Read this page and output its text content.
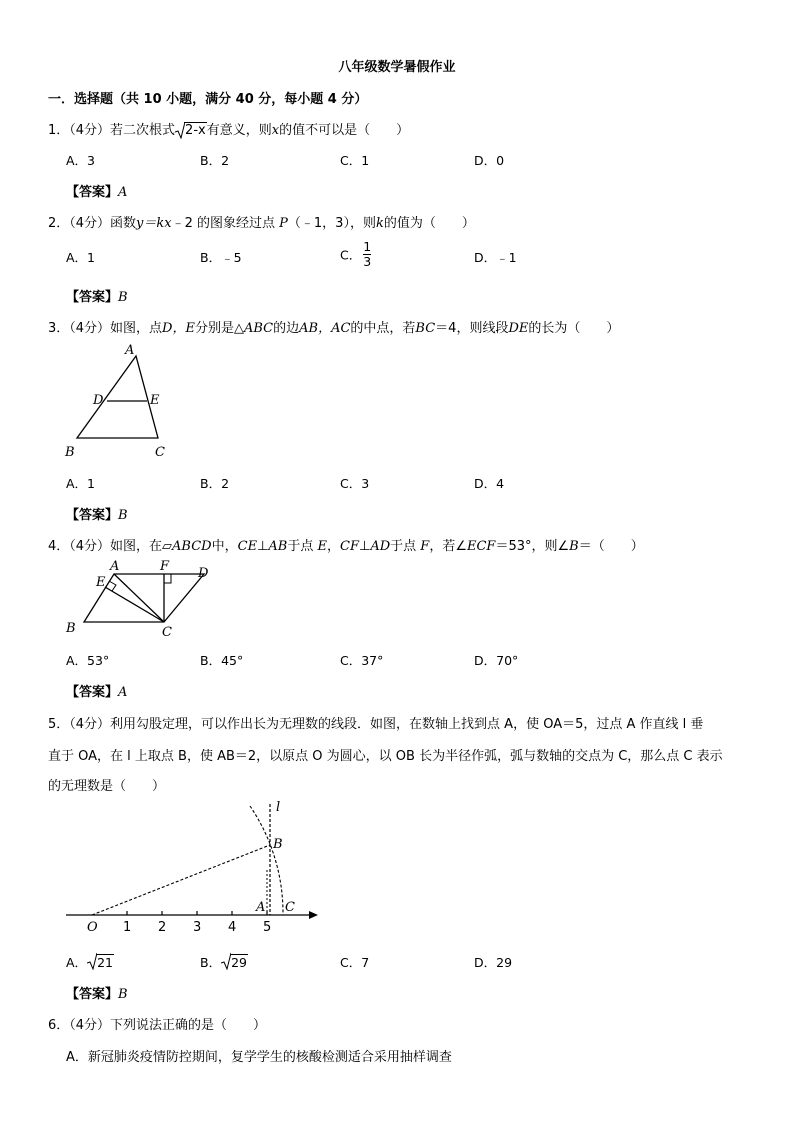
八年级数学暑假作业
一．选择题（共 10 小题，满分 40 分，每小题 4 分）
1．（4分）若二次根式 2-x有意义，则x的值不可以是（　　）
A．3	B．2	C．1	D．0
【答案】A
2．（4分）函数y＝kx﹣2 的图象经过点 P（﹣1，3），则k的值为（　　）
A．1	B．﹣5	C． $\frac{1}{3}$	D．﹣1
【答案】B
3．（4分）如图，点D，E分别是△ABC的边AB，AC的中点，若BC＝4，则线段DE的长为（　　）
A
D	E
B	C
A．1	B．2	C．3	D．4
【答案】B
4．（4分）如图，在▱ABCD中，CE⊥AB于点 E，CF⊥AD于点 F，若∠ECF＝53°，则∠B＝（　　）
A	F D
E
B	C
A．53°	B．45°	C．37°	D．70°
【答案】A
5．（4分）利用勾股定理，可以作出长为无理数的线段．如图，在数轴上找到点 A，使 OA＝5，过点 A 作直线 l 垂
直于 OA，在 l 上取点 B，使 AB＝2，以原点 O 为圆心，以 OB 长为半径作弧，弧与数轴的交点为 C，那么点 C 表示
的无理数是（　　）
l
B
A C
O 1 2 3 4 5
A． 21	B． 29	C．7	D．29
【答案】B
6．（4分）下列说法正确的是（　　）
A．新冠肺炎疫情防控期间，复学学生的核酸检测适合采用抽样调查
